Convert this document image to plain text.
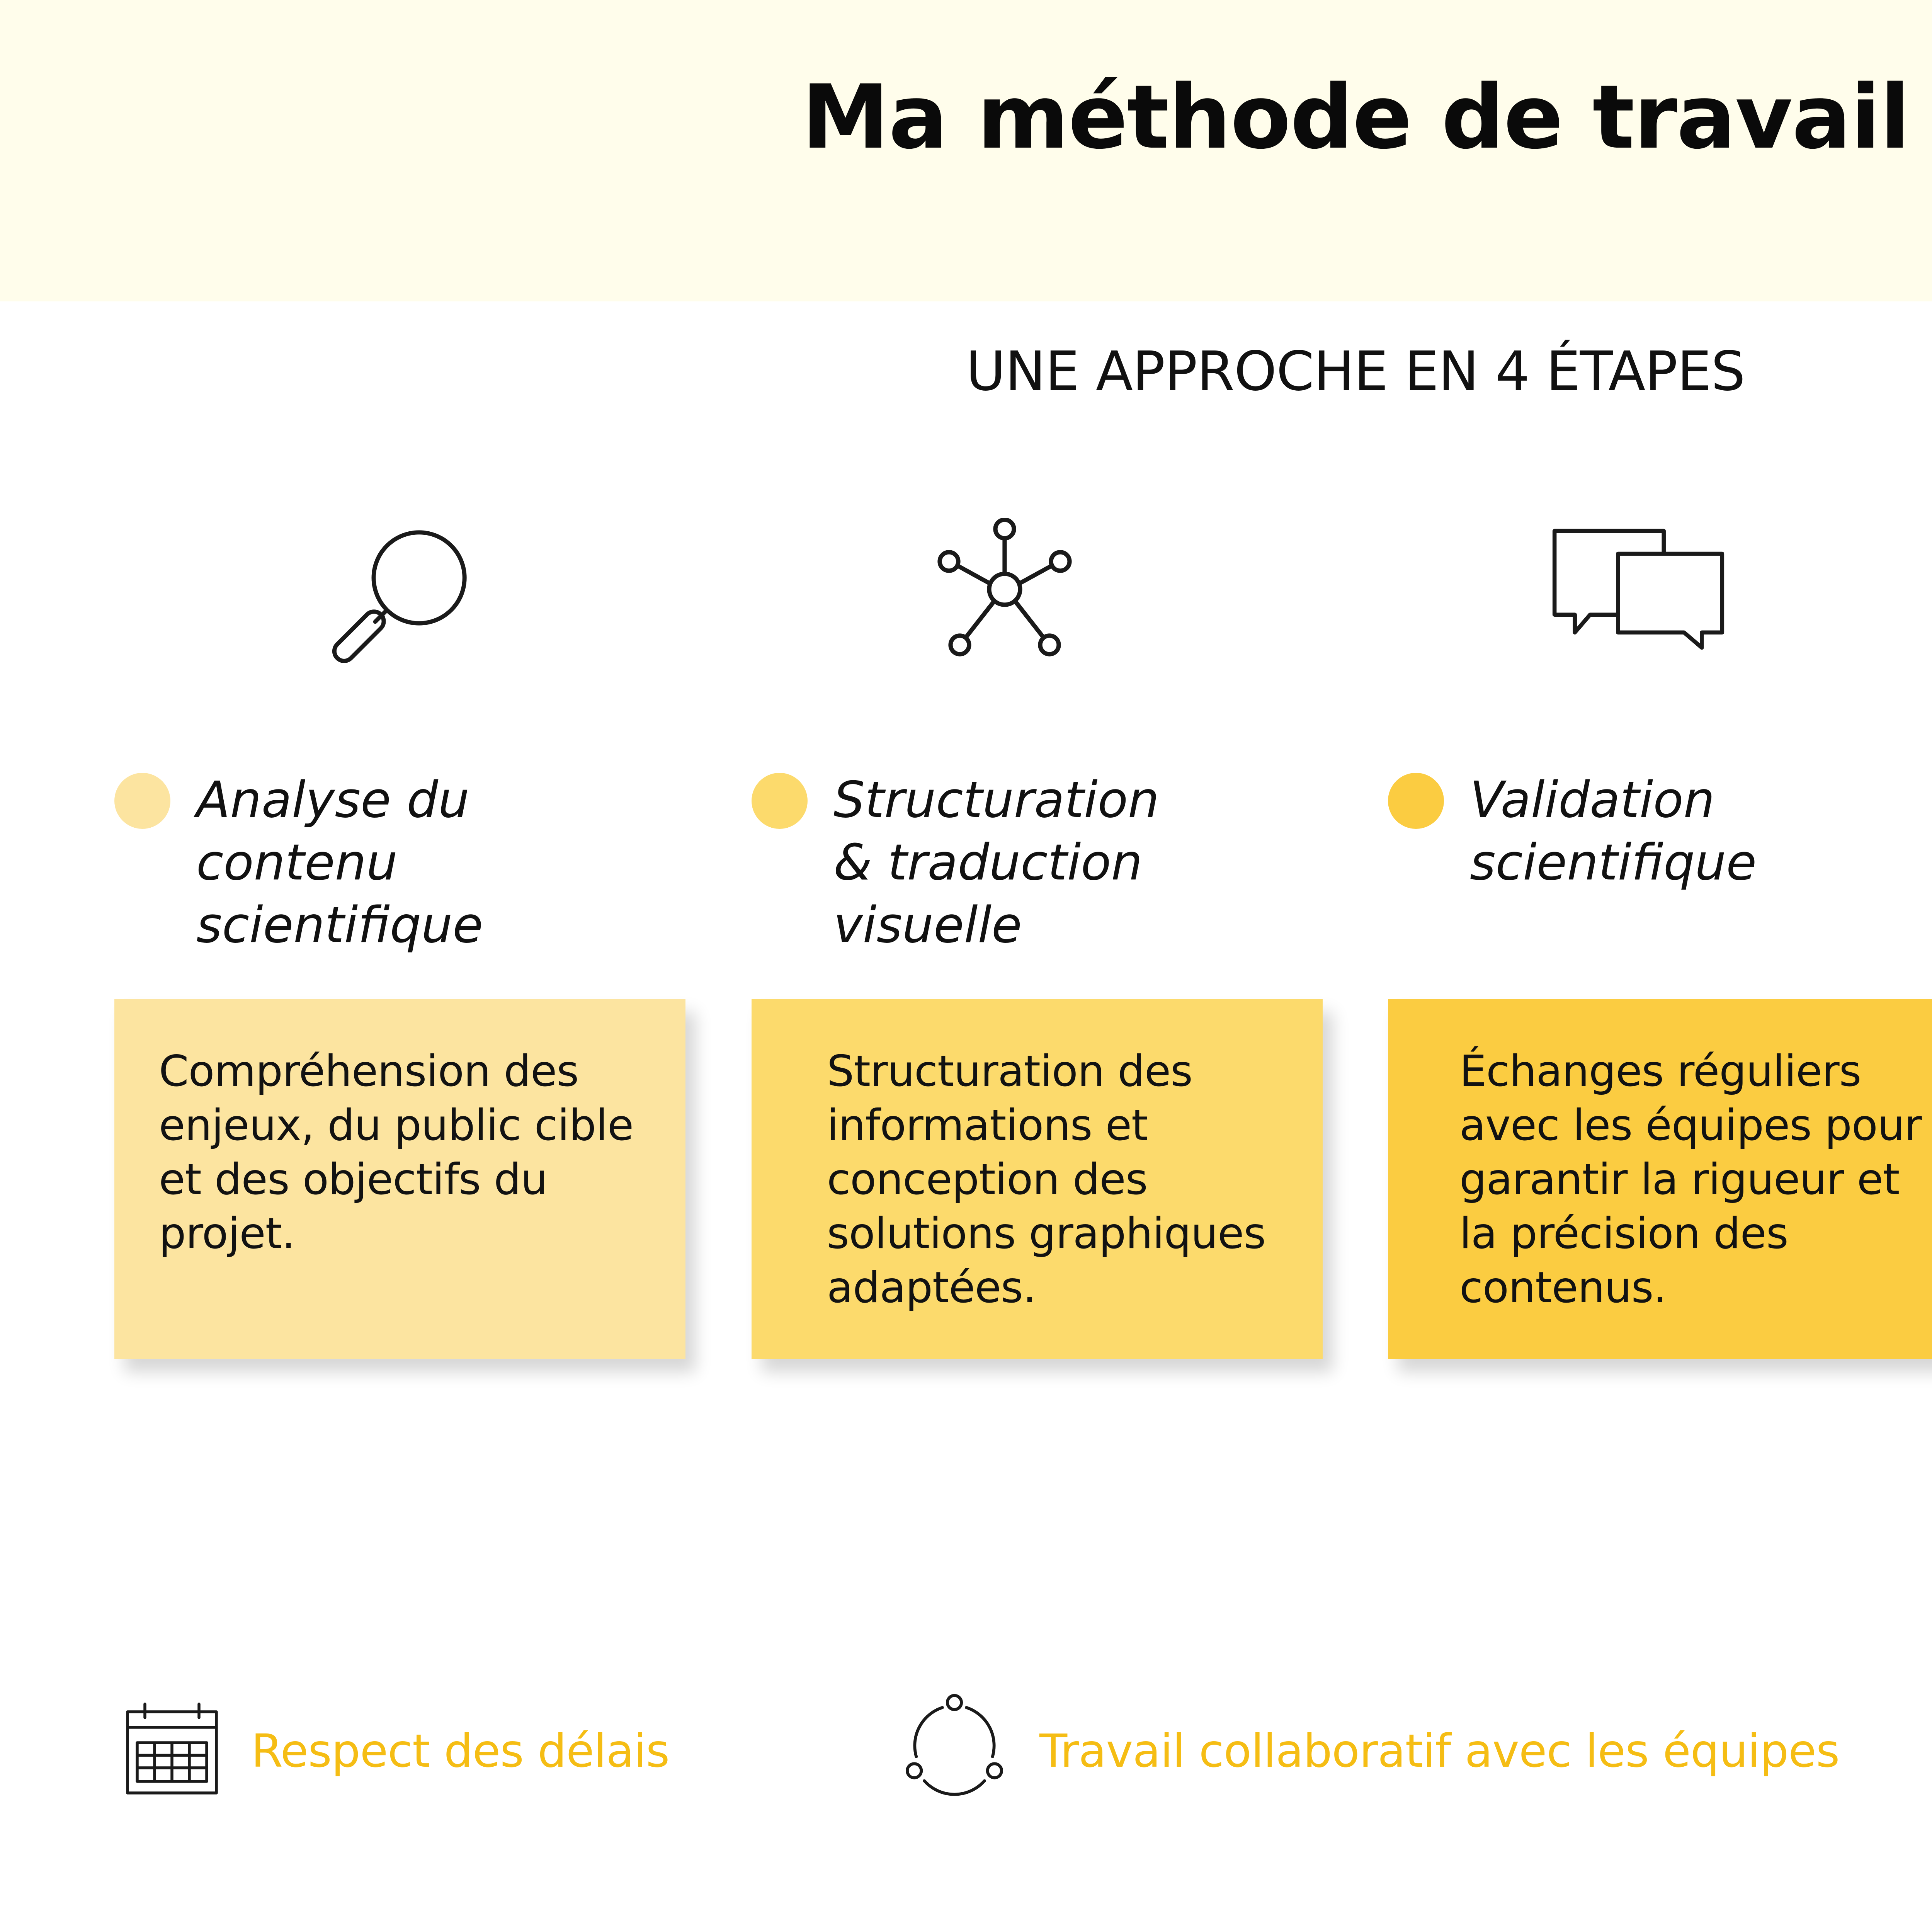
Ma méthode de travail
UNE APPROCHE EN 4 ÉTAPES
Analyse du
contenu
scientifique
Structuration
& traduction
visuelle
Validation
scientifique

Compréhension des enjeux, du public cible et des objectifs du projet.

Structuration des informations et conception des solutions graphiques adaptées.

Échanges réguliers avec les équipes pour garantir la rigueur et la précision des contenus.

Respect des délais	Travail collaboratif avec les équipes
